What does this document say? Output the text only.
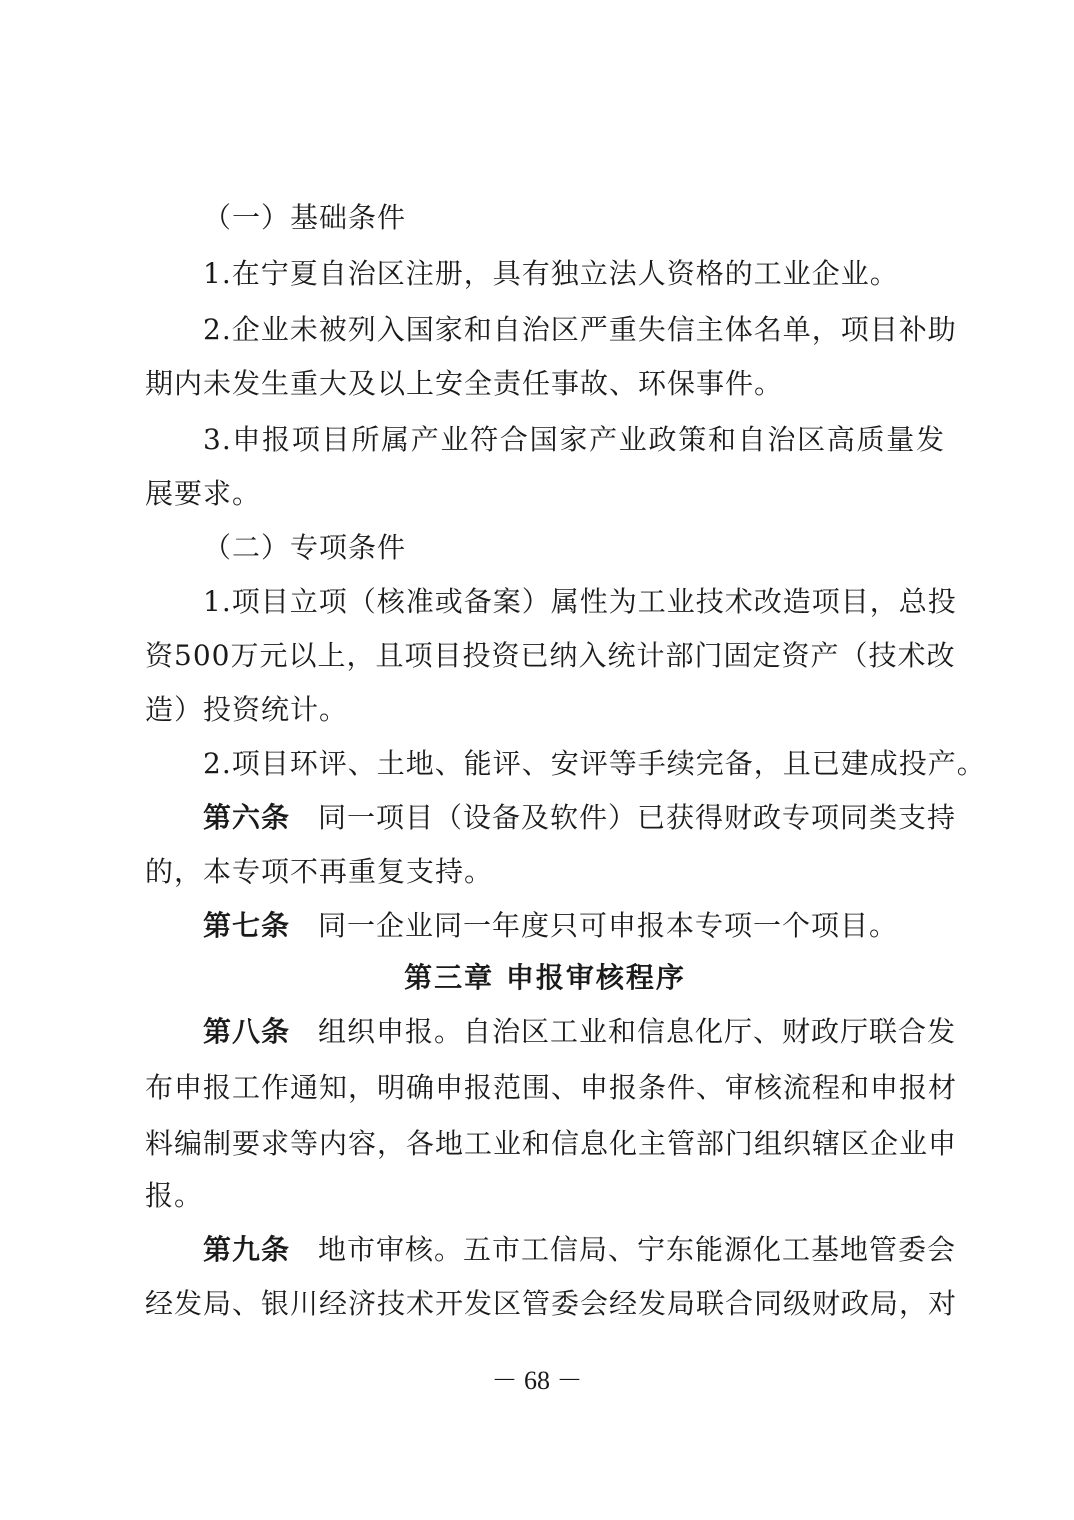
（一）基础条件
1.在宁夏自治区注册，具有独立法人资格的工业企业。
2.企业未被列入国家和自治区严重失信主体名单，项目补助
期内未发生重大及以上安全责任事故、环保事件。
3.申报项目所属产业符合国家产业政策和自治区高质量发
展要求。
（二）专项条件
1.项目立项（核准或备案）属性为工业技术改造项目，总投
资500万元以上，且项目投资已纳入统计部门固定资产（技术改
造）投资统计。
2.项目环评、土地、能评、安评等手续完备，且已建成投产。
第六条 同一项目（设备及软件）已获得财政专项同类支持
的，本专项不再重复支持。
第七条 同一企业同一年度只可申报本专项一个项目。
第三章 申报审核程序
第八条 组织申报。自治区工业和信息化厅、财政厅联合发
布申报工作通知，明确申报范围、申报条件、审核流程和申报材
料编制要求等内容，各地工业和信息化主管部门组织辖区企业申
报。
第九条 地市审核。五市工信局、宁东能源化工基地管委会
经发局、银川经济技术开发区管委会经发局联合同级财政局，对
－ 68 －
